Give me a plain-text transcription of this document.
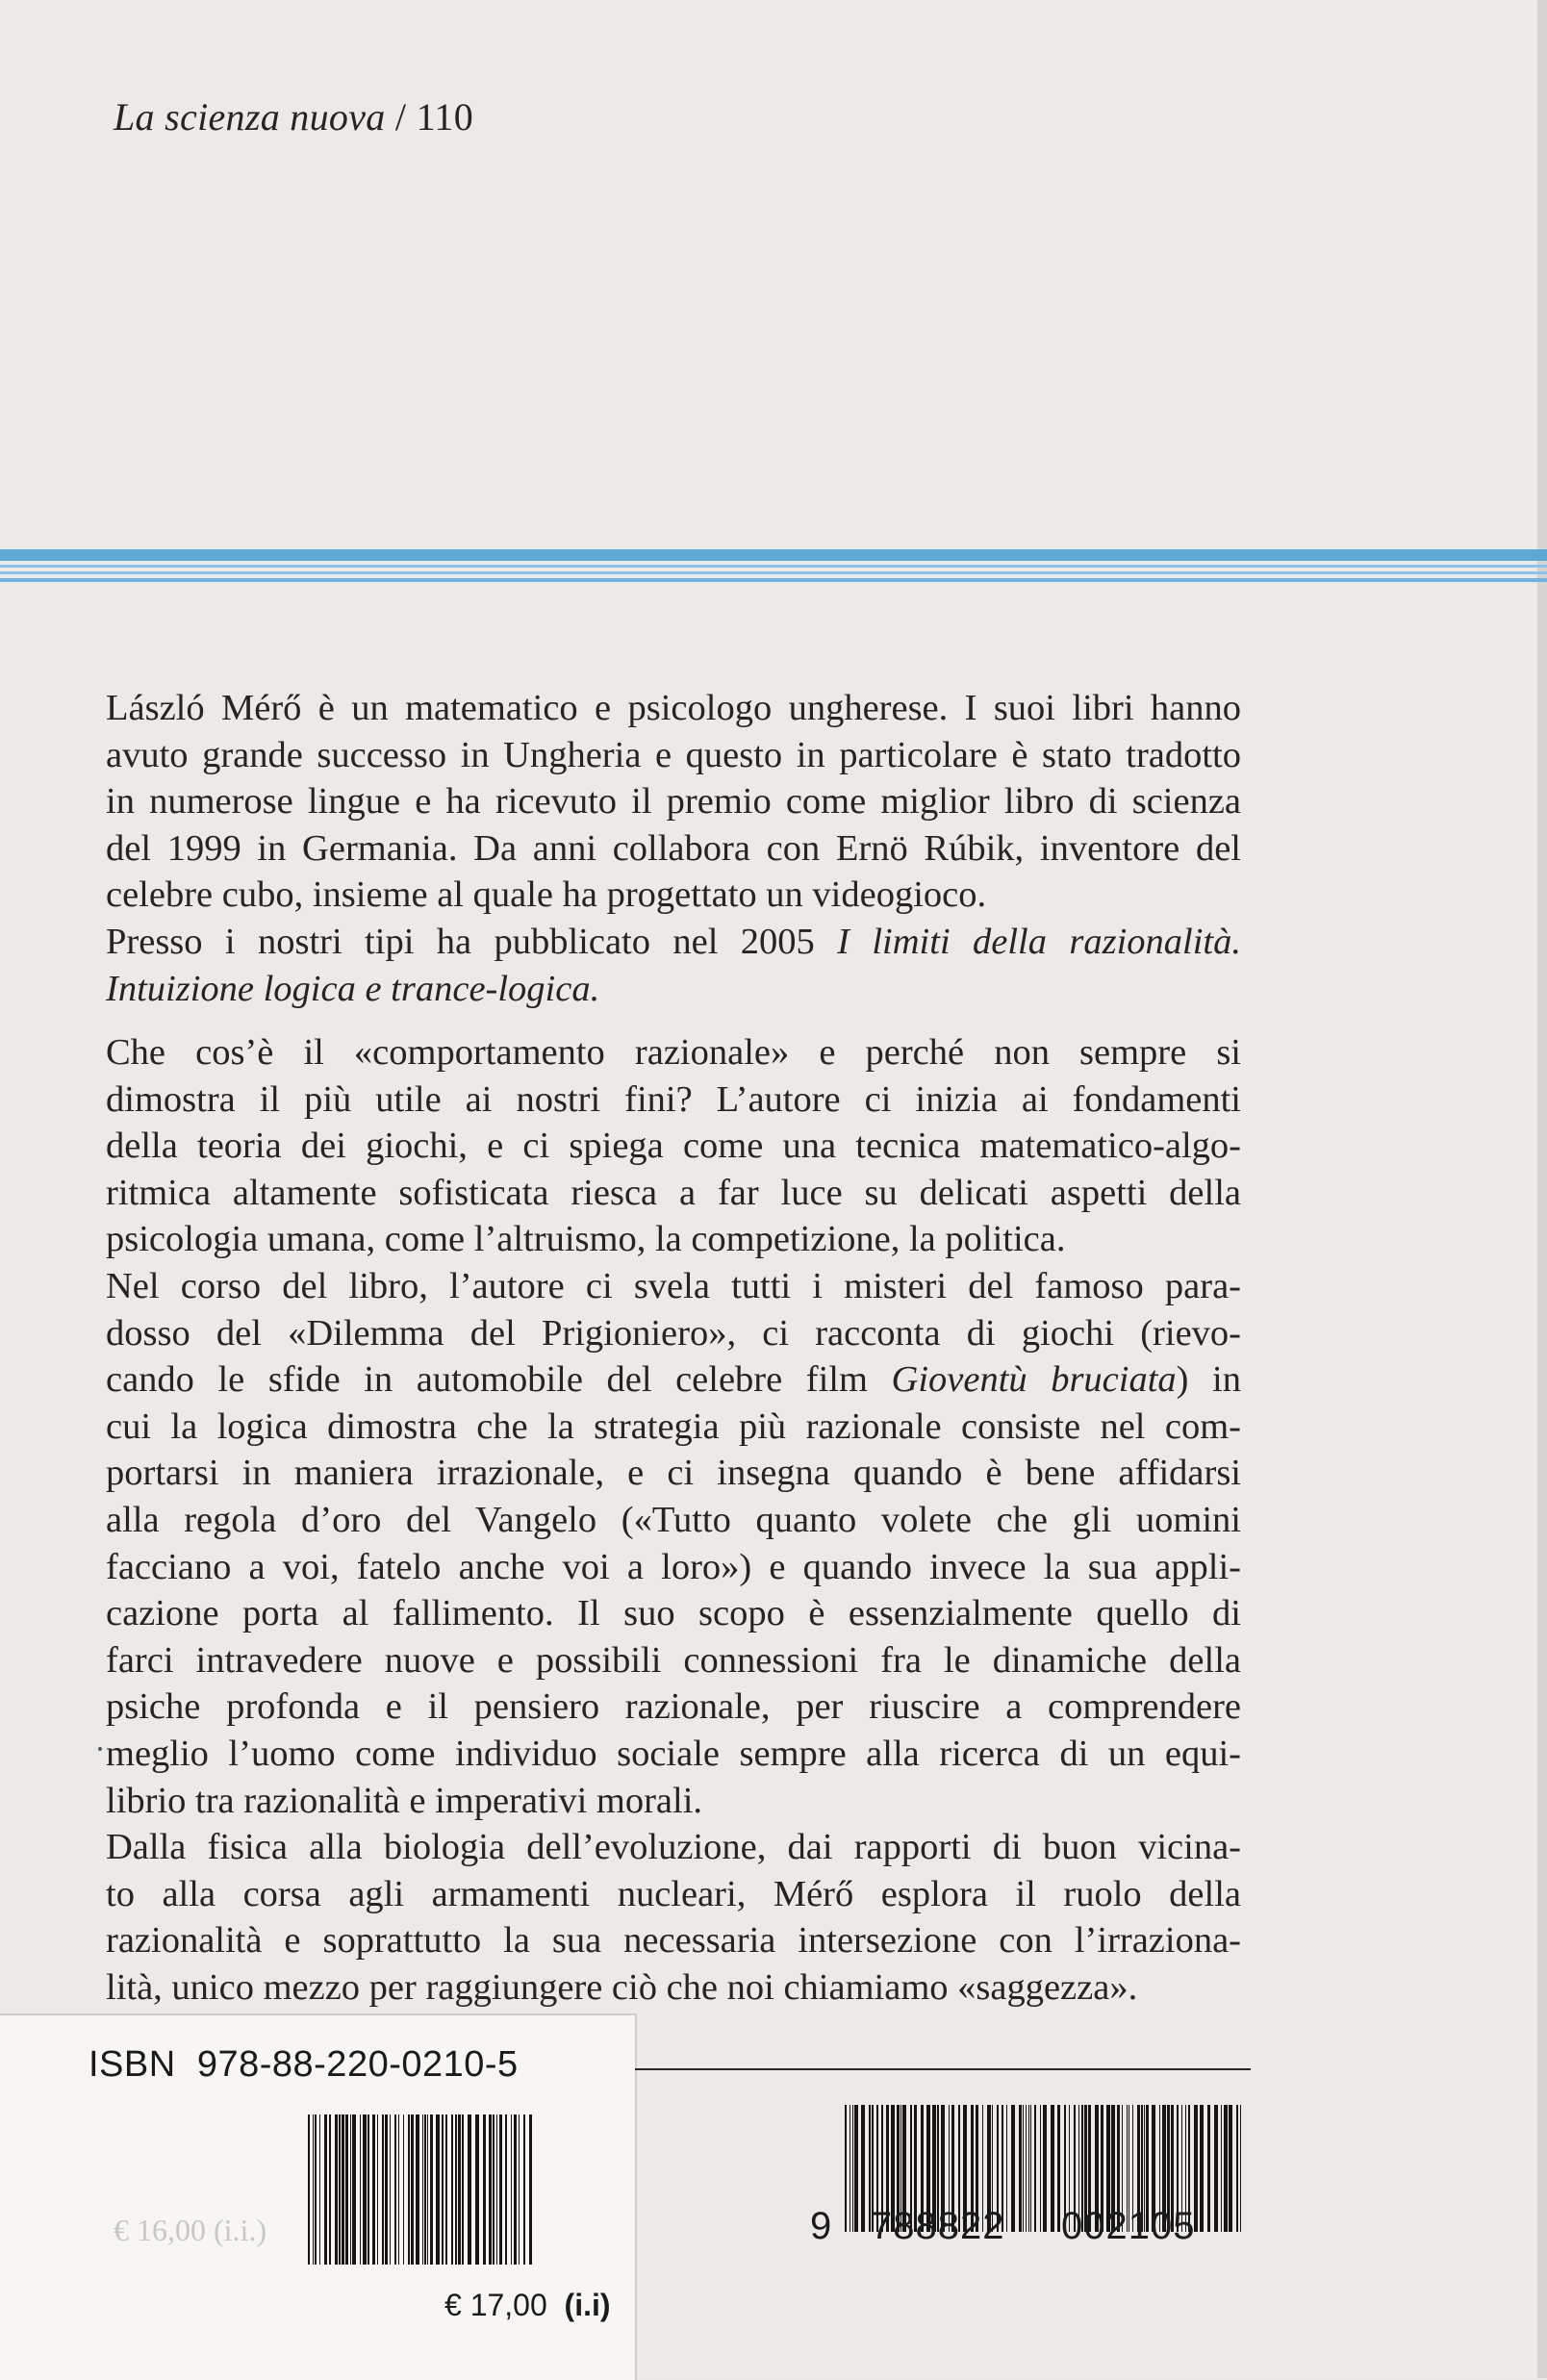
La scienza nuova / 110
László Mérő è un matematico e psicologo ungherese. I suoi libri hanno
avuto grande successo in Ungheria e questo in particolare è stato tradotto
in numerose lingue e ha ricevuto il premio come miglior libro di scienza
del 1999 in Germania. Da anni collabora con Ernö Rúbik, inventore del
celebre cubo, insieme al quale ha progettato un videogioco.
Presso i nostri tipi ha pubblicato nel 2005 I limiti della razionalità.
Intuizione logica e trance-logica.
Che cos’è il «comportamento razionale» e perché non sempre si
dimostra il più utile ai nostri fini? L’autore ci inizia ai fondamenti
della teoria dei giochi, e ci spiega come una tecnica matematico-algo-
ritmica altamente sofisticata riesca a far luce su delicati aspetti della
psicologia umana, come l’altruismo, la competizione, la politica.
Nel corso del libro, l’autore ci svela tutti i misteri del famoso para-
dosso del «Dilemma del Prigioniero», ci racconta di giochi (rievo-
cando le sfide in automobile del celebre film Gioventù bruciata) in
cui la logica dimostra che la strategia più razionale consiste nel com-
portarsi in maniera irrazionale, e ci insegna quando è bene affidarsi
alla regola d’oro del Vangelo («Tutto quanto volete che gli uomini
facciano a voi, fatelo anche voi a loro») e quando invece la sua appli-
cazione porta al fallimento. Il suo scopo è essenzialmente quello di
farci intravedere nuove e possibili connessioni fra le dinamiche della
psiche profonda e il pensiero razionale, per riuscire a comprendere
meglio l’uomo come individuo sociale sempre alla ricerca di un equi-
librio tra razionalità e imperativi morali.
Dalla fisica alla biologia dell’evoluzione, dai rapporti di buon vicina-
to alla corsa agli armamenti nucleari, Mérő esplora il ruolo della
razionalità e soprattutto la sua necessaria intersezione con l’irraziona-
lità, unico mezzo per raggiungere ciò che noi chiamiamo «saggezza».
ISBN 978-88-220-0210-5
€ 16,00 (i.i.)
€ 17,00 (i.i)
9 788822 002105
